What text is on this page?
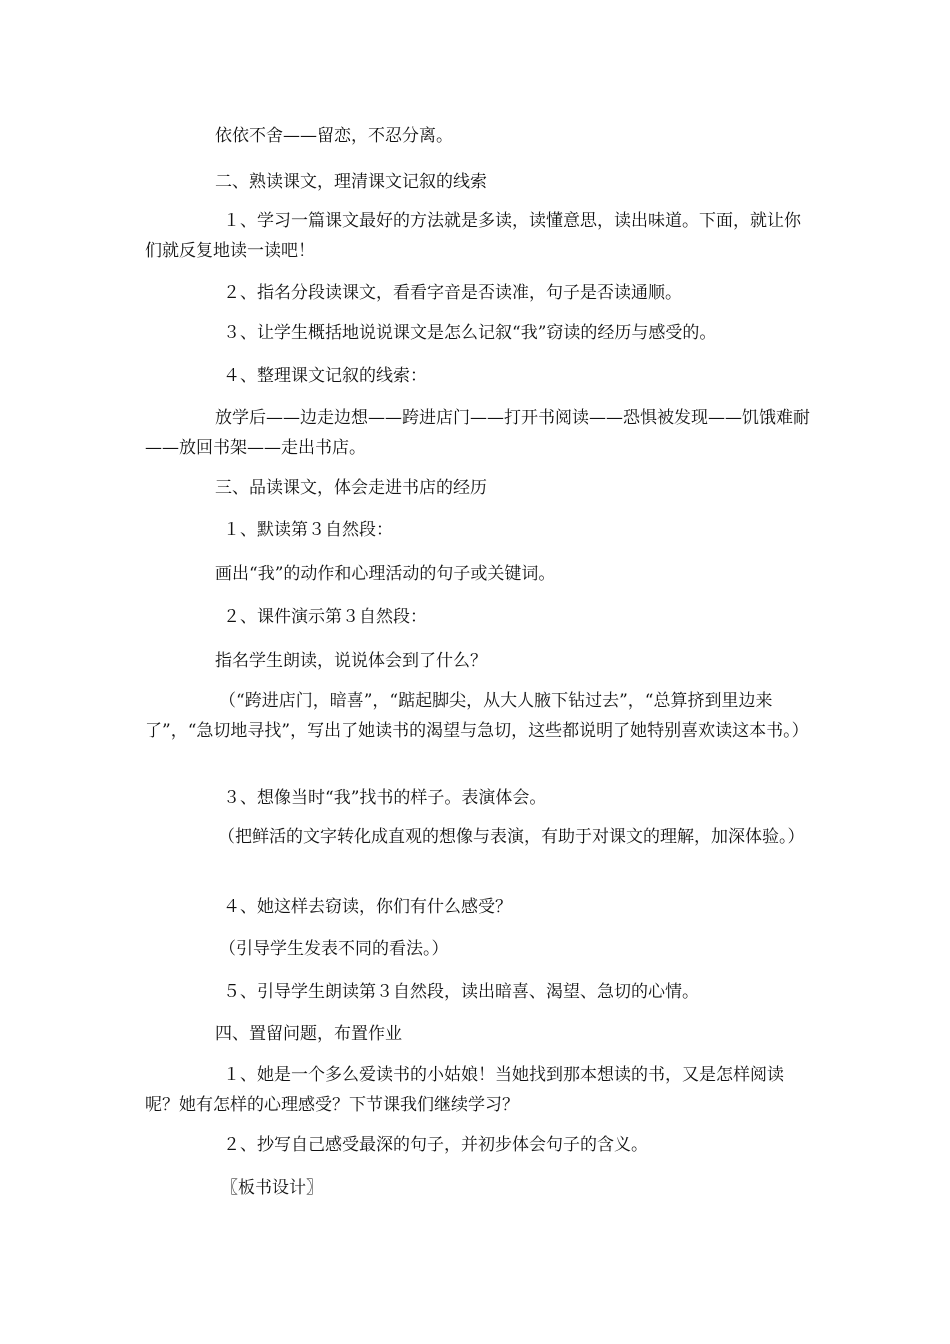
依依不舍——留恋，不忍分离。

二、熟读课文，理清课文记叙的线索

１、学习一篇课文最好的方法就是多读，读懂意思，读出味道。下面，就让你们就反复地读一读吧！

２、指名分段读课文，看看字音是否读准，句子是否读通顺。

３、让学生概括地说说课文是怎么记叙“我”窃读的经历与感受的。

４、整理课文记叙的线索：

放学后——边走边想——跨进店门——打开书阅读——恐惧被发现——饥饿难耐——放回书架——走出书店。

三、品读课文，体会走进书店的经历

１、默读第３自然段：

画出“我”的动作和心理活动的句子或关键词。

２、课件演示第３自然段：

指名学生朗读，说说体会到了什么？

（“跨进店门，暗喜”，“踮起脚尖，从大人腋下钻过去”，“总算挤到里边来了”，“急切地寻找”，写出了她读书的渴望与急切，这些都说明了她特别喜欢读这本书。）

３、想像当时“我”找书的样子。表演体会。

（把鲜活的文字转化成直观的想像与表演，有助于对课文的理解，加深体验。）

４、她这样去窃读，你们有什么感受？

（引导学生发表不同的看法。）

５、引导学生朗读第３自然段，读出暗喜、渴望、急切的心情。

四、置留问题，布置作业

１、她是一个多么爱读书的小姑娘！当她找到那本想读的书，又是怎样阅读呢？她有怎样的心理感受？下节课我们继续学习？

２、抄写自己感受最深的句子，并初步体会句子的含义。

〖板书设计〗
